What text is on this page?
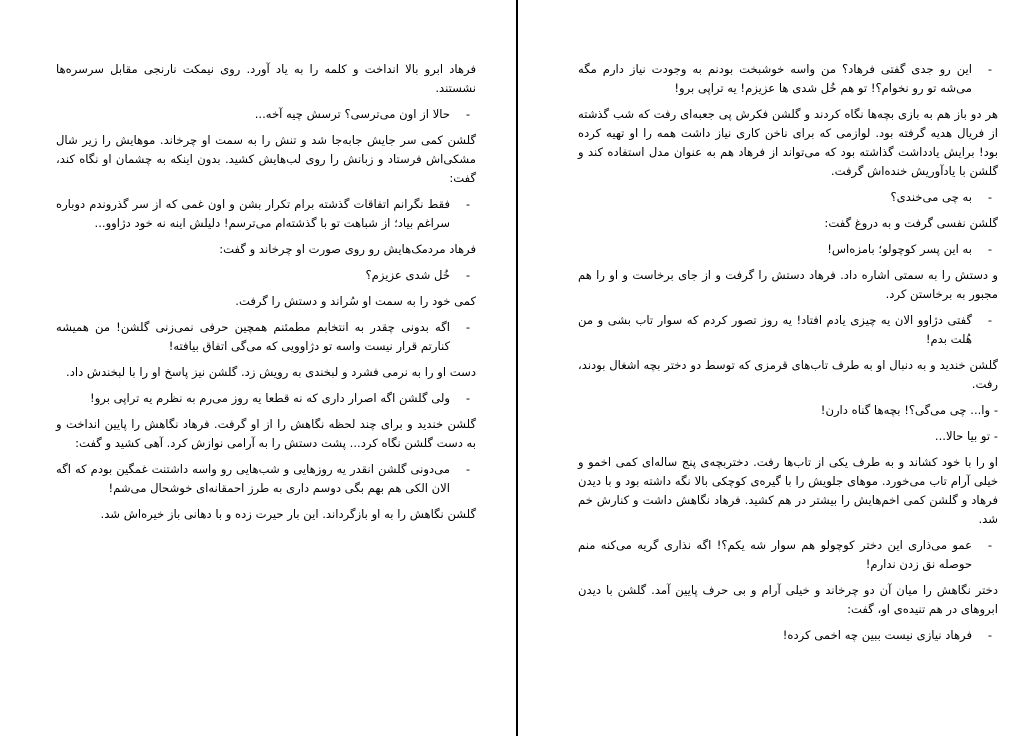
- این رو جدی گفتی فرهاد؟ من واسه خوشبخت بودنم به وجودت نیاز دارم مگه می‌شه تو رو نخوام؟! تو هم خُل شدی ها عزیزم! یه تراپی برو!

هر دو باز هم به بازی بچه‌ها نگاه کردند و گلشن فکرش پی جعبه‌ای رفت که شب گذشته از فریال هدیه گرفته بود. لوازمی که برای ناخن کاری نیاز داشت همه را او تهیه کرده بود! برایش یادداشت گذاشته بود که می‌تواند از فرهاد هم به عنوان مدل استفاده کند و گلشن با یادآوریش خنده‌اش گرفت.

- به چی می‌خندی؟

گلشن نفسی گرفت و به دروغ گفت:

- به این پسر کوچولو؛ بامزه‌اس!

و دستش را به سمتی اشاره داد. فرهاد دستش را گرفت و از جای برخاست و او را هم مجبور به برخاستن کرد.

- گفتی دژاوو الان یه چیزی یادم افتاد! یه روز تصور کردم که سوار تاب بشی و من هُلت بدم!

گلشن خندید و به دنبال او به طرف تاب‌های قرمزی که توسط دو دختر بچه اشغال بودند، رفت.

- وا... چی می‌گی؟! بچه‌ها گناه دارن!

- تو بیا حالا...

او را با خود کشاند و به طرف یکی از تاب‌ها رفت. دختربچه‌ی پنج ساله‌ای کمی اخمو و خیلی آرام تاب می‌خورد. موهای جلویش را با گیره‌ی کوچکی بالا نگه داشته بود و با دیدن فرهاد و گلشن کمی اخم‌هایش را بیشتر در هم کشید. فرهاد نگاهش داشت و کنارش خم شد.

- عمو می‌ذاری این دختر کوچولو هم سوار شه یکم؟! اگه نذاری گریه می‌کنه منم حوصله نق زدن ندارم!

دختر نگاهش را میان آن دو چرخاند و خیلی آرام و بی حرف پایین آمد. گلشن با دیدن ابروهای در هم تنیده‌ی او، گفت:

- فرهاد نیازی نیست ببین چه اخمی کرده!

فرهاد ابرو بالا انداخت و کلمه را به یاد آورد. روی نیمکت نارنجی مقابل سرسره‌ها نشستند.

- حالا از اون می‌ترسی؟ ترسش چیه آخه...

گلشن کمی سر جایش جابه‌جا شد و تنش را به سمت او چرخاند. موهایش را زیر شال مشکی‌اش فرستاد و زبانش را روی لب‌هایش کشید. بدون اینکه به چشمان او نگاه کند، گفت:

- فقط نگرانم اتفاقات گذشته برام تکرار بشن و اون غمی که از سر گذروندم دوباره سراغم بیاد؛ از شباهت تو با گذشته‌ام می‌ترسم! دلیلش اینه نه خود دژاوو...

فرهاد مردمک‌هایش رو روی صورت او چرخاند و گفت:

- خُل شدی عزیزم؟

کمی خود را به سمت او سُراند و دستش را گرفت.

- اگه بدونی چقدر به انتخابم مطمئنم همچین حرفی نمی‌زنی گلشن! من همیشه کنارتم قرار نیست واسه تو دژاوویی که می‌گی اتفاق بیافته!

دست او را به نرمی فشرد و لبخندی به رویش زد. گلشن نیز پاسخ او را با لبخندش داد.

- ولی گلشن اگه اصرار داری که نه قطعا یه روز می‌رم به نظرم یه تراپی برو!

گلشن خندید و برای چند لحظه نگاهش را از او گرفت. فرهاد نگاهش را پایین انداخت و به دست گلشن نگاه کرد... پشت دستش را به آرامی نوازش کرد. آهی کشید و گفت:

- می‌دونی گلشن انقدر یه روزهایی و شب‌هایی رو واسه داشتنت غمگین بودم که اگه الان الکی هم بهم بگی دوسم داری به طرز احمقانه‌ای خوشحال می‌شم!

گلشن نگاهش را به او بازگرداند. این بار حیرت زده و با دهانی باز خیره‌اش شد.
